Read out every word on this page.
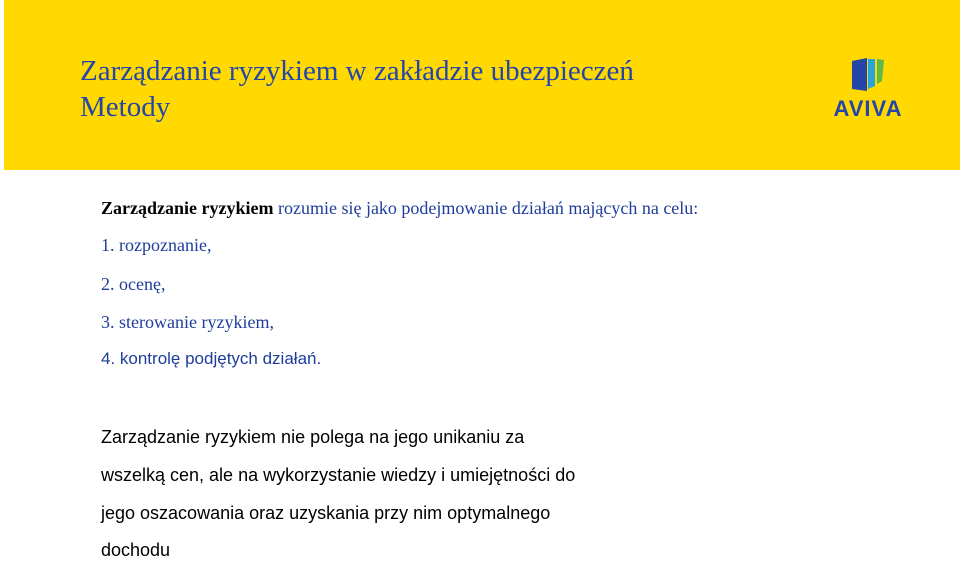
Zarządzanie ryzykiem w zakładzie ubezpieczeń
Metody	AVIVA
Zarządzanie ryzykiem rozumie się jako podejmowanie działań mających na celu:
1. rozpoznanie,
2. ocenę,
3. sterowanie ryzykiem,
4. kontrolę podjętych działań.
Zarządzanie ryzykiem nie polega na jego unikaniu za
wszelką cen, ale na wykorzystanie wiedzy i umiejętności do
jego oszacowania oraz uzyskania przy nim optymalnego
dochodu
